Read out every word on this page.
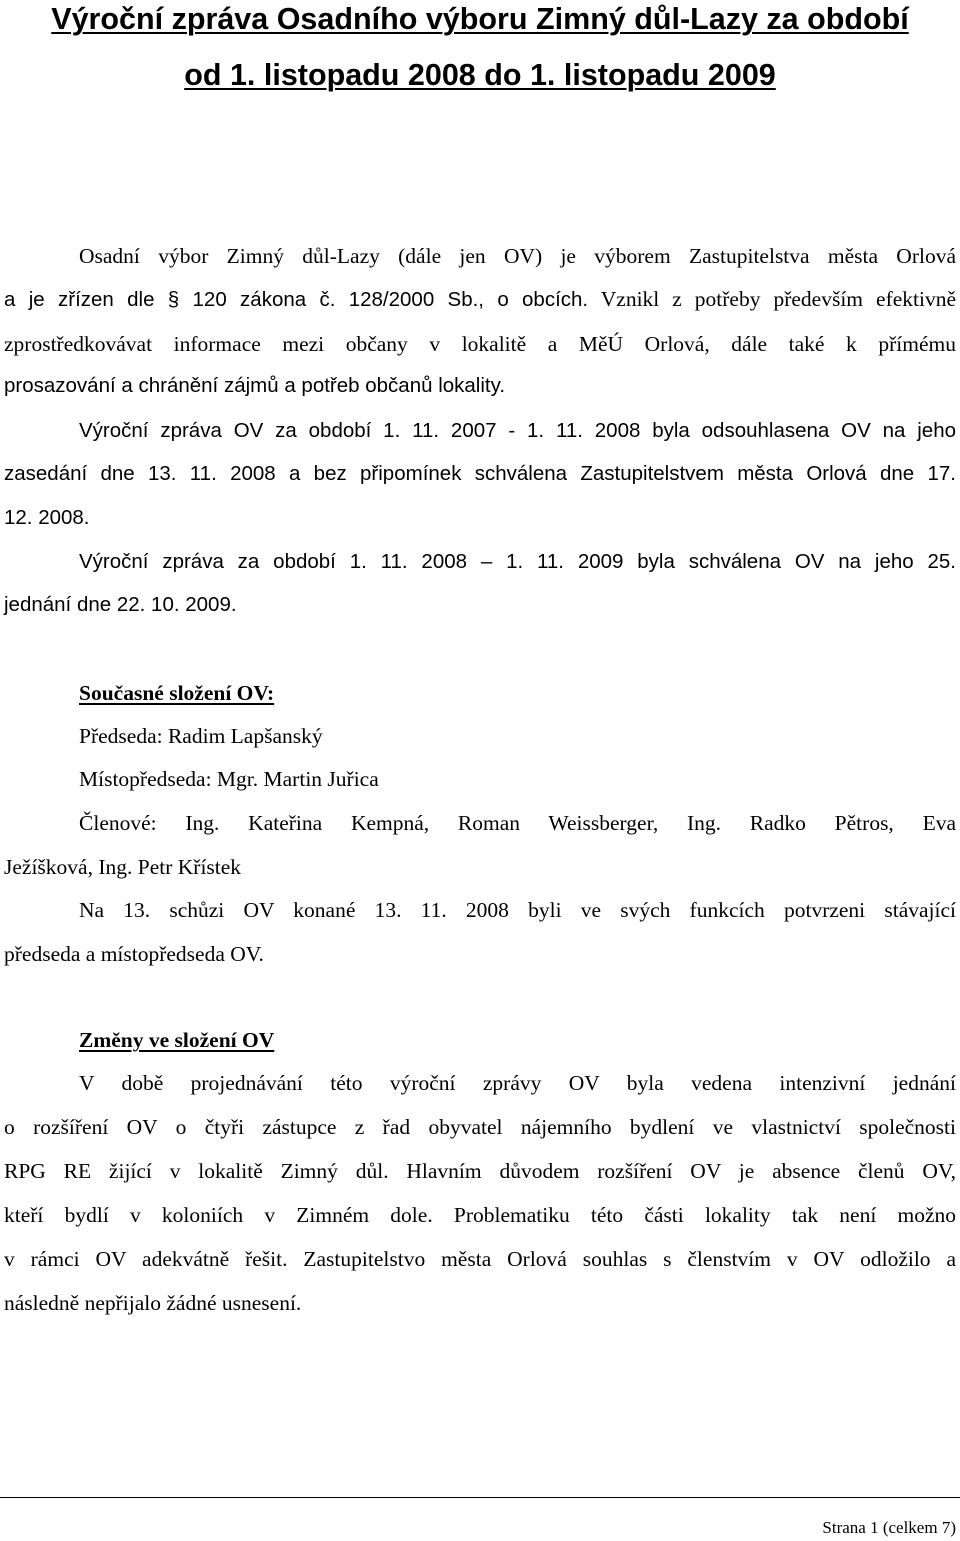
Výroční zpráva Osadního výboru Zimný důl-Lazy za období
od 1. listopadu 2008 do 1. listopadu 2009
Osadní výbor Zimný důl-Lazy (dále jen OV) je výborem Zastupitelstva města Orlová
a je zřízen dle § 120 zákona č. 128/2000 Sb., o obcích. Vznikl z potřeby především efektivně
zprostředkovávat informace mezi občany v lokalitě a MěÚ Orlová, dále také k přímému
prosazování a chránění zájmů a potřeb občanů lokality.
Výroční zpráva OV za období 1. 11. 2007 - 1. 11. 2008 byla odsouhlasena OV na jeho
zasedání dne 13. 11. 2008 a bez připomínek schválena Zastupitelstvem města Orlová dne 17.
12. 2008.
Výroční zpráva za období 1. 11. 2008 – 1. 11. 2009 byla schválena OV na jeho 25.
jednání dne 22. 10. 2009.
Současné složení OV:
Předseda: Radim Lapšanský
Místopředseda: Mgr. Martin Juřica
Členové: Ing. Kateřina Kempná, Roman Weissberger, Ing. Radko Pětros, Eva
Ježíšková, Ing. Petr Křístek
Na 13. schůzi OV konané 13. 11. 2008 byli ve svých funkcích potvrzeni stávající
předseda a místopředseda OV.
Změny ve složení OV
V době projednávání této výroční zprávy OV byla vedena intenzivní jednání
o rozšíření OV o čtyři zástupce z řad obyvatel nájemního bydlení ve vlastnictví společnosti
RPG RE žijící v lokalitě Zimný důl. Hlavním důvodem rozšíření OV je absence členů OV,
kteří bydlí v koloniích v Zimném dole. Problematiku této části lokality tak není možno
v rámci OV adekvátně řešit. Zastupitelstvo města Orlová souhlas s členstvím v OV odložilo a
následně nepřijalo žádné usnesení.
Strana 1 (celkem 7)
